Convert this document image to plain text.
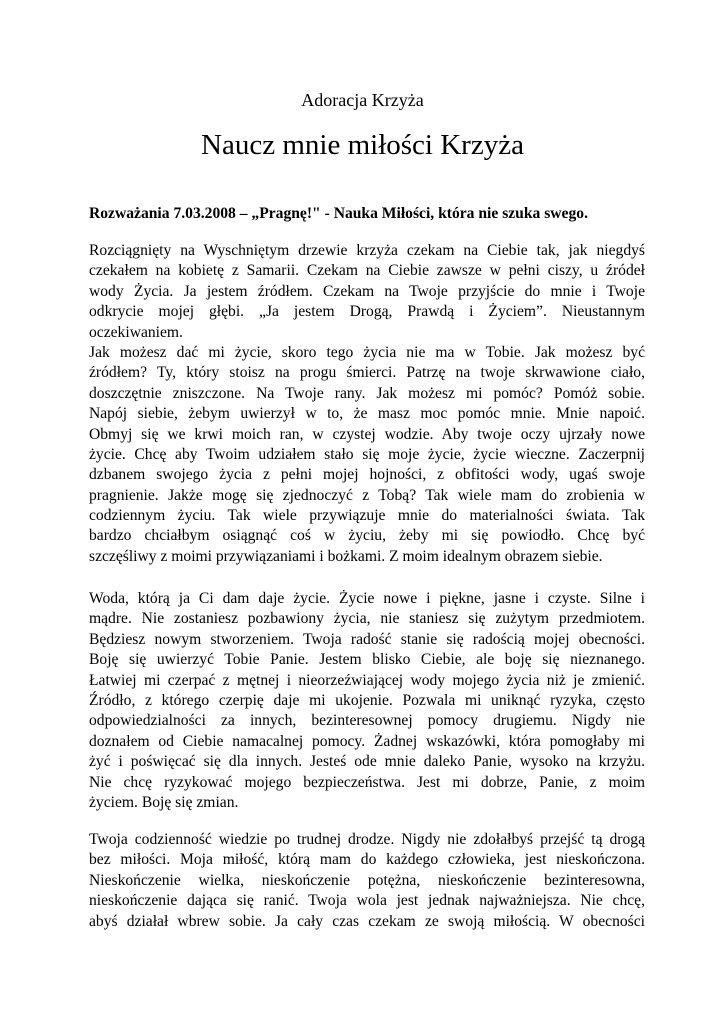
Adoracja Krzyża
Naucz mnie miłości Krzyża
Rozważania 7.03.2008 – „Pragnę!" - Nauka Miłości, która nie szuka swego.
Rozciągnięty na Wyschniętym drzewie krzyża czekam na Ciebie tak, jak niegdyś
czekałem na kobietę z Samarii. Czekam na Ciebie zawsze w pełni ciszy, u źródeł
wody Życia. Ja jestem źródłem. Czekam na Twoje przyjście do mnie i Twoje
odkrycie mojej głębi. „Ja jestem Drogą, Prawdą i Życiem”. Nieustannym
oczekiwaniem.
Jak możesz dać mi życie, skoro tego życia nie ma w Tobie. Jak możesz być
źródłem? Ty, który stoisz na progu śmierci. Patrzę na twoje skrwawione ciało,
doszczętnie zniszczone. Na Twoje rany. Jak możesz mi pomóc? Pomóż sobie.
Napój siebie, żebym uwierzył w to, że masz moc pomóc mnie. Mnie napoić.
Obmyj się we krwi moich ran, w czystej wodzie. Aby twoje oczy ujrzały nowe
życie. Chcę aby Twoim udziałem stało się moje życie, życie wieczne. Zaczerpnij
dzbanem swojego życia z pełni mojej hojności, z obfitości wody, ugaś swoje
pragnienie. Jakże mogę się zjednoczyć z Tobą? Tak wiele mam do zrobienia w
codziennym życiu. Tak wiele przywiązuje mnie do materialności świata. Tak
bardzo chciałbym osiągnąć coś w życiu, żeby mi się powiodło. Chcę być
szczęśliwy z moimi przywiązaniami i bożkami. Z moim idealnym obrazem siebie.
Woda, którą ja Ci dam daje życie. Życie nowe i piękne, jasne i czyste. Silne i
mądre. Nie zostaniesz pozbawiony życia, nie staniesz się zużytym przedmiotem.
Będziesz nowym stworzeniem. Twoja radość stanie się radością mojej obecności.
Boję się uwierzyć Tobie Panie. Jestem blisko Ciebie, ale boję się nieznanego.
Łatwiej mi czerpać z mętnej i nieorzeźwiającej wody mojego życia niż je zmienić.
Źródło, z którego czerpię daje mi ukojenie. Pozwala mi uniknąć ryzyka, często
odpowiedzialności za innych, bezinteresownej pomocy drugiemu. Nigdy nie
doznałem od Ciebie namacalnej pomocy. Żadnej wskazówki, która pomogłaby mi
żyć i poświęcać się dla innych. Jesteś ode mnie daleko Panie, wysoko na krzyżu.
Nie chcę ryzykować mojego bezpieczeństwa. Jest mi dobrze, Panie, z moim
życiem. Boję się zmian.
Twoja codzienność wiedzie po trudnej drodze. Nigdy nie zdołałbyś przejść tą drogą
bez miłości. Moja miłość, którą mam do każdego człowieka, jest nieskończona.
Nieskończenie wielka, nieskończenie potężna, nieskończenie bezinteresowna,
nieskończenie dająca się ranić. Twoja wola jest jednak najważniejsza. Nie chcę,
abyś działał wbrew sobie. Ja cały czas czekam ze swoją miłością. W obecności
